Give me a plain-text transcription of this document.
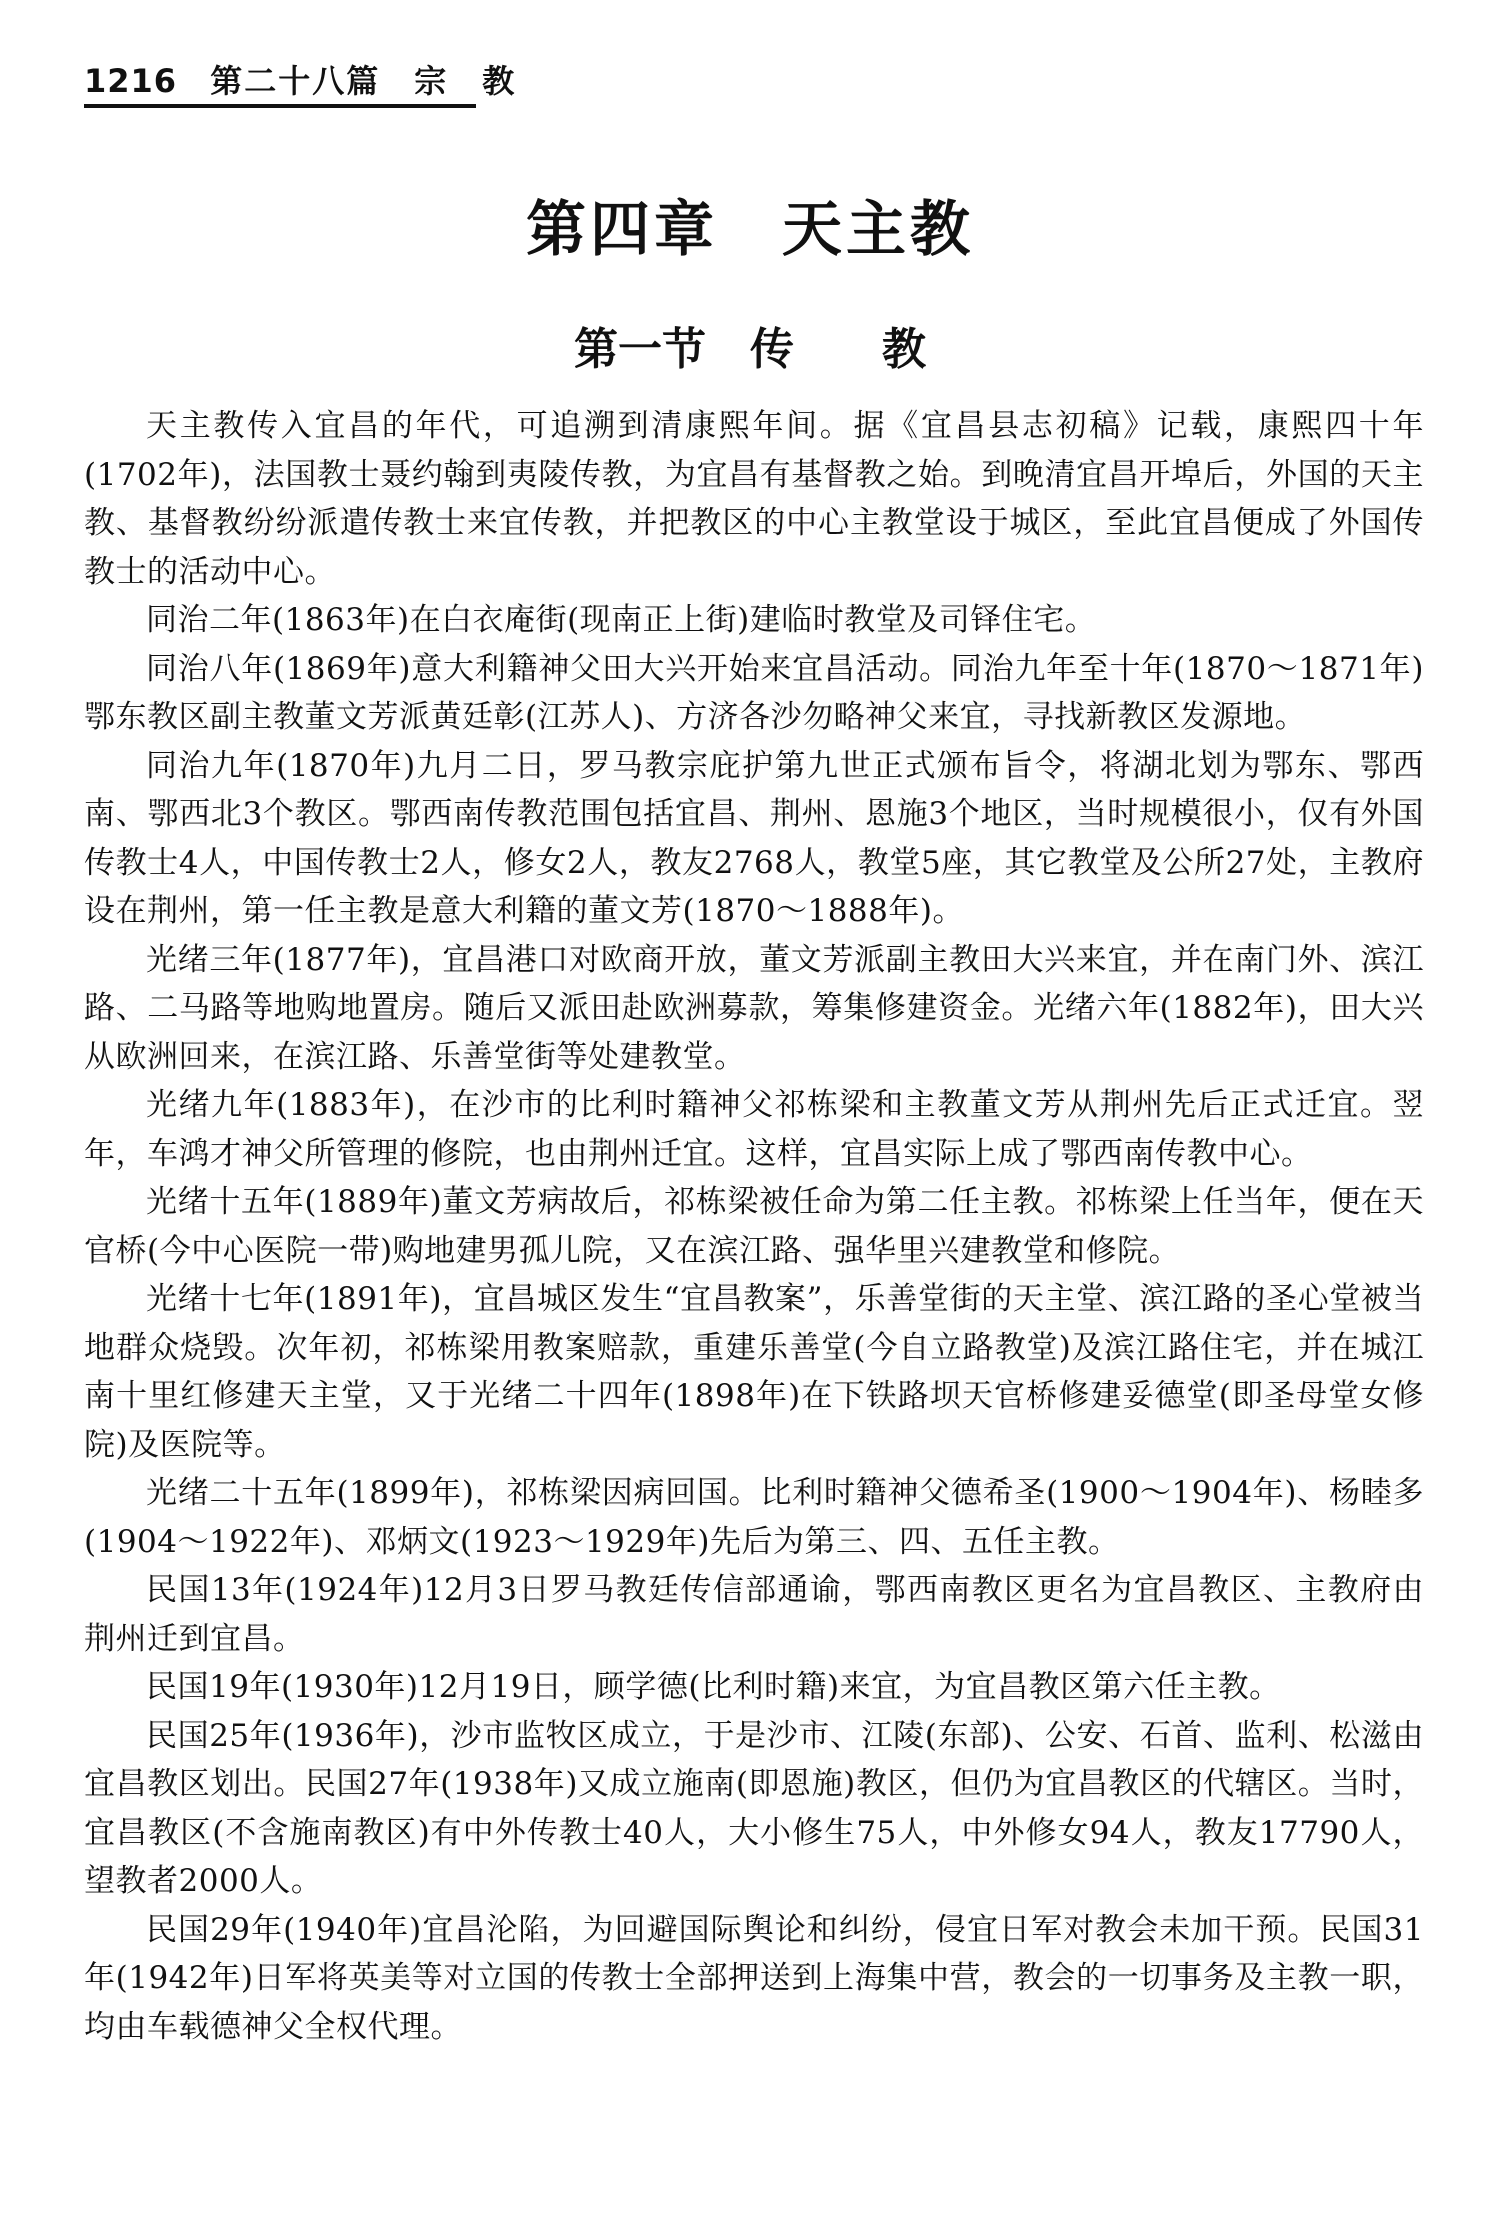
1216 第二十八篇　宗　教
第四章　天主教
第一节　传　　教

天主教传入宜昌的年代，可追溯到清康熙年间。据《宜昌县志初稿》记载，康熙四十年(1702年)，法国教士聂约翰到夷陵传教，为宜昌有基督教之始。到晚清宜昌开埠后，外国的天主教、基督教纷纷派遣传教士来宜传教，并把教区的中心主教堂设于城区，至此宜昌便成了外国传教士的活动中心。

同治二年(1863年)在白衣庵街(现南正上街)建临时教堂及司铎住宅。

同治八年(1869年)意大利籍神父田大兴开始来宜昌活动。同治九年至十年(1870～1871年)鄂东教区副主教董文芳派黄廷彰(江苏人)、方济各沙勿略神父来宜，寻找新教区发源地。

同治九年(1870年)九月二日，罗马教宗庇护第九世正式颁布旨令，将湖北划为鄂东、鄂西南、鄂西北3个教区。鄂西南传教范围包括宜昌、荆州、恩施3个地区，当时规模很小，仅有外国传教士4人，中国传教士2人，修女2人，教友2768人，教堂5座，其它教堂及公所27处，主教府设在荆州，第一任主教是意大利籍的董文芳(1870～1888年)。

光绪三年(1877年)，宜昌港口对欧商开放，董文芳派副主教田大兴来宜，并在南门外、滨江路、二马路等地购地置房。随后又派田赴欧洲募款，筹集修建资金。光绪六年(1882年)，田大兴从欧洲回来，在滨江路、乐善堂街等处建教堂。

光绪九年(1883年)，在沙市的比利时籍神父祁栋梁和主教董文芳从荆州先后正式迁宜。翌年，车鸿才神父所管理的修院，也由荆州迁宜。这样，宜昌实际上成了鄂西南传教中心。

光绪十五年(1889年)董文芳病故后，祁栋梁被任命为第二任主教。祁栋梁上任当年，便在天官桥(今中心医院一带)购地建男孤儿院，又在滨江路、强华里兴建教堂和修院。

光绪十七年(1891年)，宜昌城区发生“宜昌教案”，乐善堂街的天主堂、滨江路的圣心堂被当地群众烧毁。次年初，祁栋梁用教案赔款，重建乐善堂(今自立路教堂)及滨江路住宅，并在城江南十里红修建天主堂，又于光绪二十四年(1898年)在下铁路坝天官桥修建妥德堂(即圣母堂女修院)及医院等。

光绪二十五年(1899年)，祁栋梁因病回国。比利时籍神父德希圣(1900～1904年)、杨睦多(1904～1922年)、邓炳文(1923～1929年)先后为第三、四、五任主教。

民国13年(1924年)12月3日罗马教廷传信部通谕，鄂西南教区更名为宜昌教区、主教府由荆州迁到宜昌。

民国19年(1930年)12月19日，顾学德(比利时籍)来宜，为宜昌教区第六任主教。

民国25年(1936年)，沙市监牧区成立，于是沙市、江陵(东部)、公安、石首、监利、松滋由宜昌教区划出。民国27年(1938年)又成立施南(即恩施)教区，但仍为宜昌教区的代辖区。当时，宜昌教区(不含施南教区)有中外传教士40人，大小修生75人，中外修女94人，教友17790人，望教者2000人。

民国29年(1940年)宜昌沦陷，为回避国际舆论和纠纷，侵宜日军对教会未加干预。民国31年(1942年)日军将英美等对立国的传教士全部押送到上海集中营，教会的一切事务及主教一职，均由车载德神父全权代理。
